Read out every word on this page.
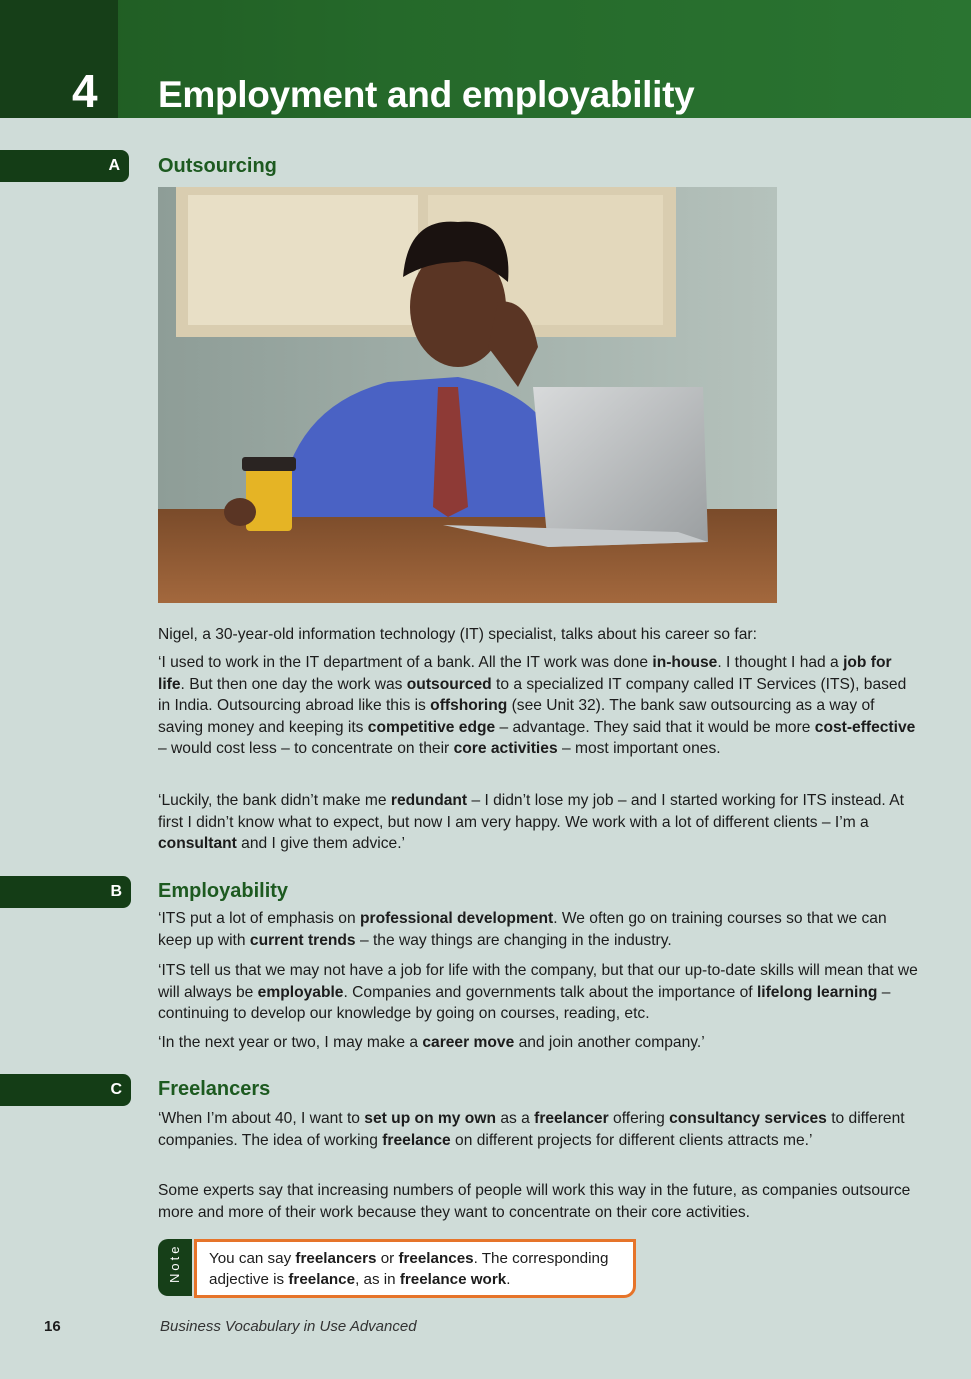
4 Employment and employability
A	Outsourcing
Nigel, a 30-year-old information technology (IT) specialist, talks about his career so far:
‘I used to work in the IT department of a bank. All the IT work was done in-house. I thought I had a job for life. But then one day the work was outsourced to a specialized IT company called IT Services (ITS), based in India. Outsourcing abroad like this is offshoring (see Unit 32). The bank saw outsourcing as a way of saving money and keeping its competitive edge – advantage. They said that it would be more cost-effective – would cost less – to concentrate on their core activities – most important ones.
‘Luckily, the bank didn’t make me redundant – I didn’t lose my job – and I started working for ITS instead. At first I didn’t know what to expect, but now I am very happy. We work with a lot of different clients – I’m a consultant and I give them advice.’
B	Employability
‘ITS put a lot of emphasis on professional development. We often go on training courses so that we can keep up with current trends – the way things are changing in the industry.
‘ITS tell us that we may not have a job for life with the company, but that our up-to-date skills will mean that we will always be employable. Companies and governments talk about the importance of lifelong learning – continuing to develop our knowledge by going on courses, reading, etc.
‘In the next year or two, I may make a career move and join another company.’
C	Freelancers
‘When I’m about 40, I want to set up on my own as a freelancer offering consultancy services to different companies. The idea of working freelance on different projects for different clients attracts me.’
Some experts say that increasing numbers of people will work this way in the future, as companies outsource more and more of their work because they want to concentrate on their core activities.
Note You can say freelancers or freelances. The corresponding adjective is freelance, as in freelance work.

16	Business Vocabulary in Use Advanced
